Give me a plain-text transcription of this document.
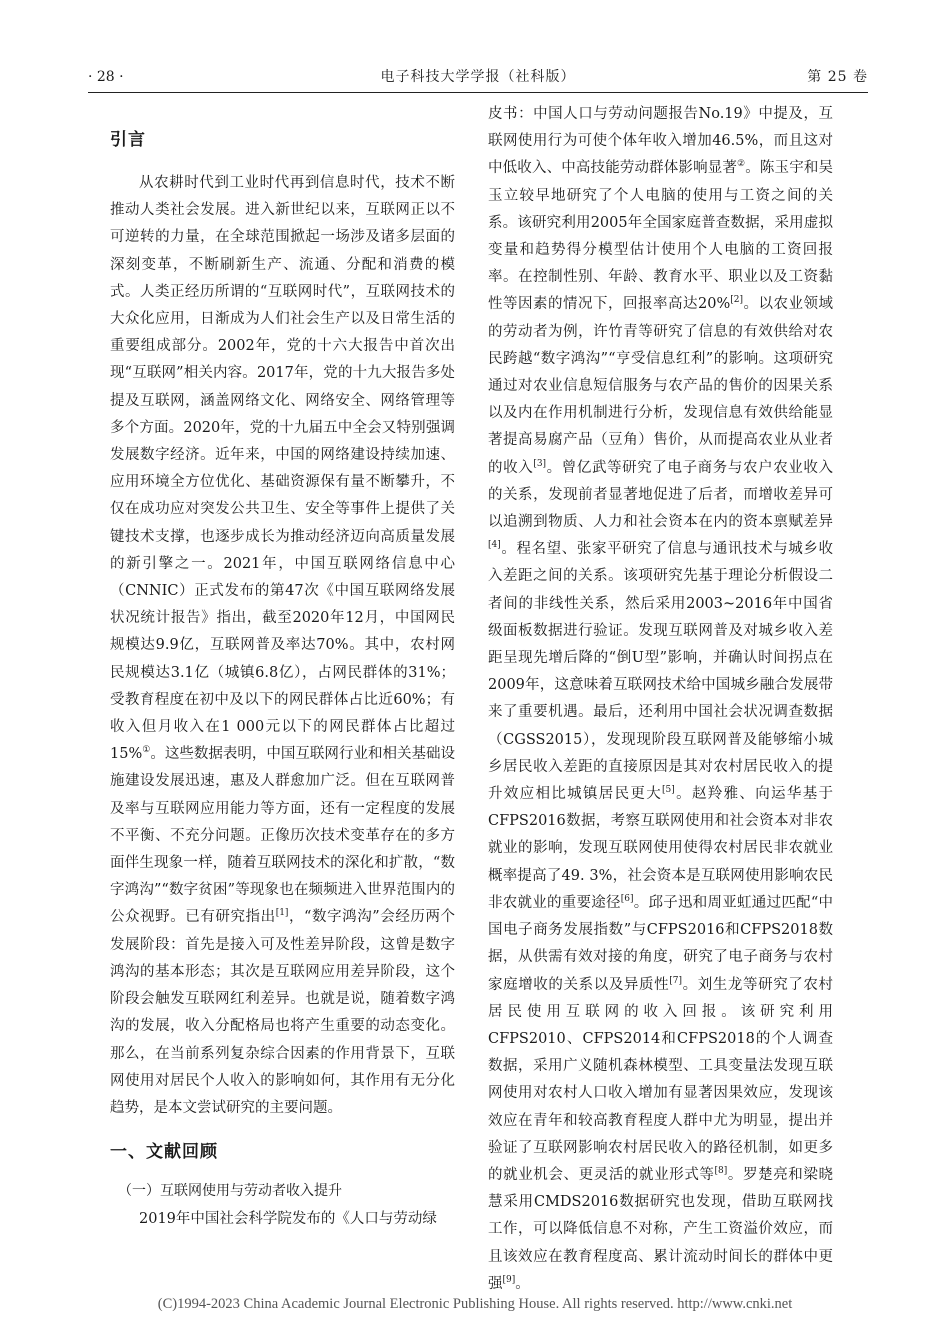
· 28 ·	电子科技大学学报（社科版）	第 25 卷
引言

从农耕时代到工业时代再到信息时代，技术不断推动人类社会发展。进入新世纪以来，互联网正以不可逆转的力量，在全球范围掀起一场涉及诸多层面的深刻变革，不断刷新生产、流通、分配和消费的模式。人类正经历所谓的“互联网时代”，互联网技术的大众化应用，日渐成为人们社会生产以及日常生活的重要组成部分。2002年，党的十六大报告中首次出现“互联网”相关内容。2017年，党的十九大报告多处提及互联网，涵盖网络文化、网络安全、网络管理等多个方面。2020年，党的十九届五中全会又特别强调发展数字经济。近年来，中国的网络建设持续加速、应用环境全方位优化、基础资源保有量不断攀升，不仅在成功应对突发公共卫生、安全等事件上提供了关键技术支撑，也逐步成长为推动经济迈向高质量发展的新引擎之一。2021年，中国互联网络信息中心（CNNIC）正式发布的第47次《中国互联网络发展状况统计报告》指出，截至2020年12月，中国网民规模达9.9亿，互联网普及率达70%。其中，农村网民规模达3.1亿（城镇6.8亿），占网民群体的31%；受教育程度在初中及以下的网民群体占比近60%；有收入但月收入在1 000元以下的网民群体占比超过15%①。这些数据表明，中国互联网行业和相关基础设施建设发展迅速，惠及人群愈加广泛。但在互联网普及率与互联网应用能力等方面，还有一定程度的发展不平衡、不充分问题。正像历次技术变革存在的多方面伴生现象一样，随着互联网技术的深化和扩散，“数字鸿沟”“数字贫困”等现象也在频频进入世界范围内的公众视野。已有研究指出[1]，“数字鸿沟”会经历两个发展阶段：首先是接入可及性差异阶段，这曾是数字鸿沟的基本形态；其次是互联网应用差异阶段，这个阶段会触发互联网红利差异。也就是说，随着数字鸿沟的发展，收入分配格局也将产生重要的动态变化。那么，在当前系列复杂综合因素的作用背景下，互联网使用对居民个人收入的影响如何，其作用有无分化趋势，是本文尝试研究的主要问题。

一、文献回顾
（一）互联网使用与劳动者收入提升

2019年中国社会科学院发布的《人口与劳动绿

皮书：中国人口与劳动问题报告No.19》中提及，互联网使用行为可使个体年收入增加46.5%，而且这对中低收入、中高技能劳动群体影响显著②。陈玉宇和吴玉立较早地研究了个人电脑的使用与工资之间的关系。该研究利用2005年全国家庭普查数据，采用虚拟变量和趋势得分模型估计使用个人电脑的工资回报率。在控制性别、年龄、教育水平、职业以及工资黏性等因素的情况下，回报率高达20%[2]。以农业领域的劳动者为例，许竹青等研究了信息的有效供给对农民跨越“数字鸿沟”“亨受信息红利”的影响。这项研究通过对农业信息短信服务与农产品的售价的因果关系以及内在作用机制进行分析，发现信息有效供给能显著提高易腐产品（豆角）售价，从而提高农业从业者的收入[3]。曾亿武等研究了电子商务与农户农业收入的关系，发现前者显著地促进了后者，而增收差异可以追溯到物质、人力和社会资本在内的资本禀赋差异[4]。程名望、张家平研究了信息与通讯技术与城乡收入差距之间的关系。该项研究先基于理论分析假设二者间的非线性关系，然后采用2003~2016年中国省级面板数据进行验证。发现互联网普及对城乡收入差距呈现先增后降的“倒U型”影响，并确认时间拐点在2009年，这意味着互联网技术给中国城乡融合发展带来了重要机遇。最后，还利用中国社会状况调查数据（CGSS2015），发现现阶段互联网普及能够缩小城乡居民收入差距的直接原因是其对农村居民收入的提升效应相比城镇居民更大[5]。赵羚雅、向运华基于CFPS2016数据，考察互联网使用和社会资本对非农就业的影响，发现互联网使用使得农村居民非农就业概率提高了49. 3%，社会资本是互联网使用影响农民非农就业的重要途径[6]。邱子迅和周亚虹通过匹配“中国电子商务发展指数”与CFPS2016和CFPS2018数据，从供需有效对接的角度，研究了电子商务与农村家庭增收的关系以及异质性[7]。刘生龙等研究了农村居民使用互联网的收入回报。该研究利用CFPS2010、CFPS2014和CFPS2018的个人调查数据，采用广义随机森林模型、工具变量法发现互联网使用对农村人口收入增加有显著因果效应，发现该效应在青年和较高教育程度人群中尤为明显，提出并验证了互联网影响农村居民收入的路径机制，如更多的就业机会、更灵活的就业形式等[8]。罗楚亮和梁晓慧采用CMDS2016数据研究也发现，借助互联网找工作，可以降低信息不对称，产生工资溢价效应，而且该效应在教育程度高、累计流动时间长的群体中更强[9]。

(C)1994-2023 China Academic Journal Electronic Publishing House. All rights reserved. http://www.cnki.net
